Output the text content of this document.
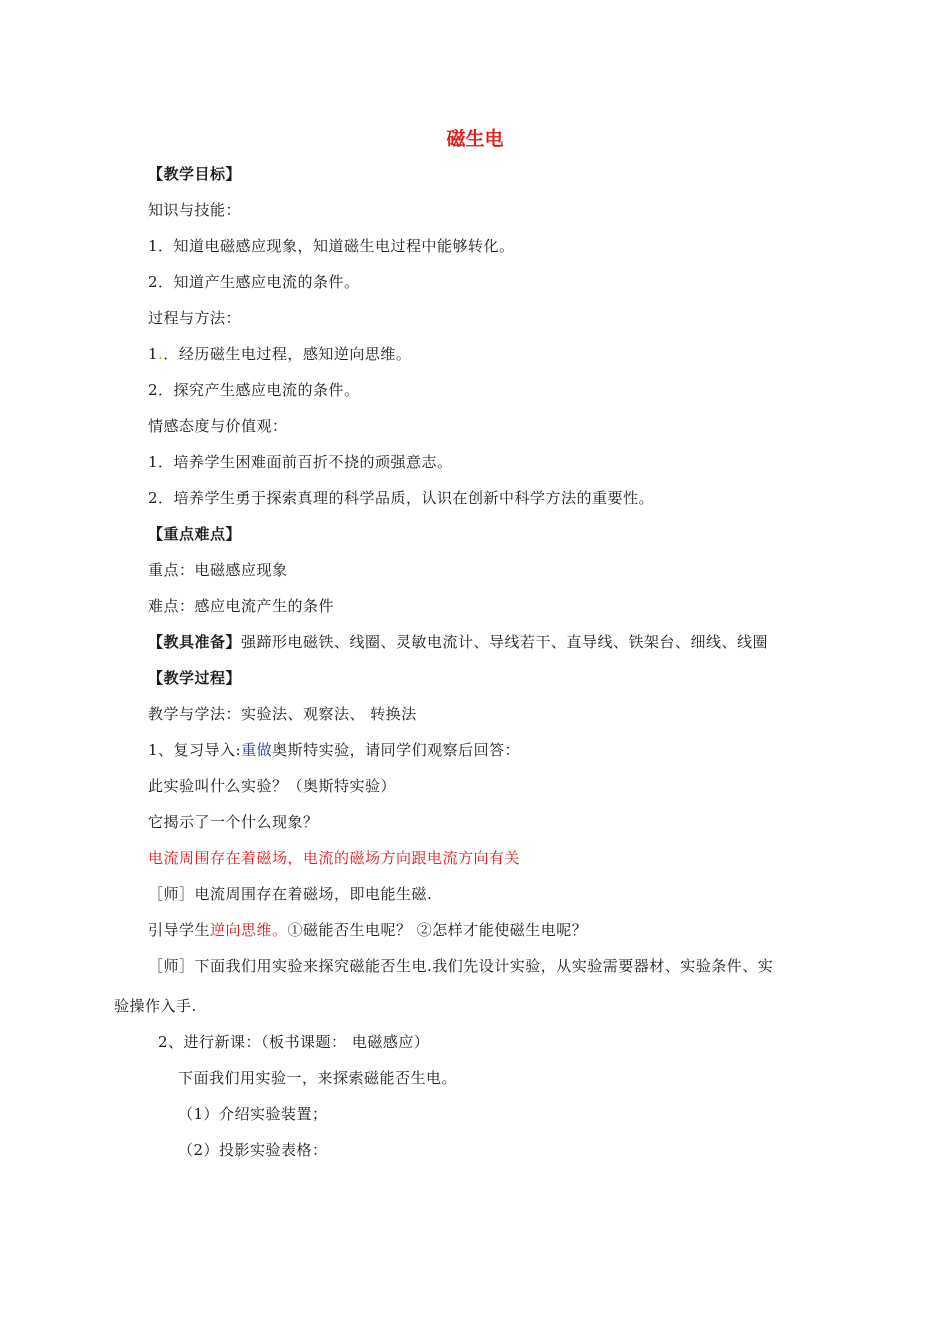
磁生电
【教学目标】
知识与技能：
1．知道电磁感应现象，知道磁生电过程中能够转化。
2．知道产生感应电流的条件。
过程与方法：
1.．经历磁生电过程，感知逆向思维。
2．探究产生感应电流的条件。
情感态度与价值观：
1．培养学生困难面前百折不挠的顽强意志。
2．培养学生勇于探索真理的科学品质，认识在创新中科学方法的重要性。
【重点难点】
重点：电磁感应现象
难点：感应电流产生的条件
【教具准备】强蹄形电磁铁、线圈、灵敏电流计、导线若干、直导线、铁架台、细线、线圈
【教学过程】
教学与学法：实验法、观察法、 转换法
1、复习导入:重做奥斯特实验，请同学们观察后回答：
此实验叫什么实验？（奥斯特实验）
它揭示了一个什么现象？
电流周围存在着磁场，电流的磁场方向跟电流方向有关
［师］电流周围存在着磁场，即电能生磁.
引导学生逆向思维。①磁能否生电呢？ ②怎样才能使磁生电呢？
［师］下面我们用实验来探究磁能否生电.我们先设计实验，从实验需要器材、实验条件、实
验操作入手.
2、进行新课：（板书课题： 电磁感应）
下面我们用实验一，来探索磁能否生电。
（1）介绍实验装置；
（2）投影实验表格：
